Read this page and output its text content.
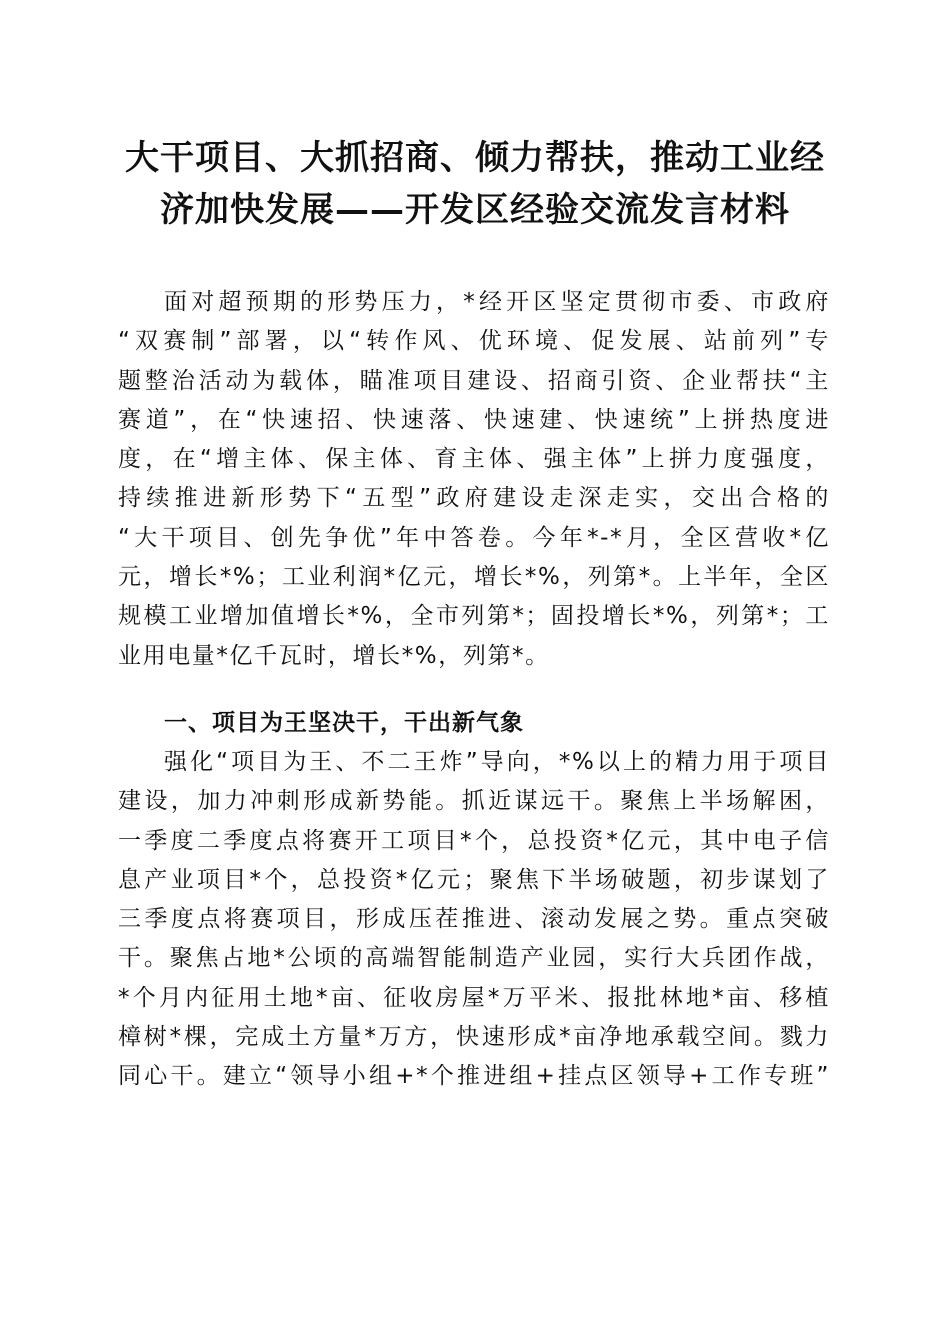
大干项目、大抓招商、倾力帮扶，推动工业经
济加快发展——开发区经验交流发言材料
面对超预期的形势压力，*经开区坚定贯彻市委、市政府
“双赛制”部署，以“转作风、优环境、促发展、站前列”专
题整治活动为载体，瞄准项目建设、招商引资、企业帮扶“主
赛道”，在“快速招、快速落、快速建、快速统”上拼热度进
度，在“增主体、保主体、育主体、强主体”上拼力度强度，
持续推进新形势下“五型”政府建设走深走实，交出合格的
“大干项目、创先争优”年中答卷。今年*-*月，全区营收*亿
元，增长*%；工业利润*亿元，增长*%，列第*。上半年，全区
规模工业增加值增长*%，全市列第*；固投增长*%，列第*；工
业用电量*亿千瓦时，增长*%，列第*。
一、项目为王坚决干，干出新气象
强化“项目为王、不二王炸”导向，*%以上的精力用于项目
建设，加力冲刺形成新势能。抓近谋远干。聚焦上半场解困，
一季度二季度点将赛开工项目*个，总投资*亿元，其中电子信
息产业项目*个，总投资*亿元；聚焦下半场破题，初步谋划了
三季度点将赛项目，形成压茬推进、滚动发展之势。重点突破
干。聚焦占地*公顷的高端智能制造产业园，实行大兵团作战，
*个月内征用土地*亩、征收房屋*万平米、报批林地*亩、移植
樟树*棵，完成土方量*万方，快速形成*亩净地承载空间。戮力
同心干。建立“领导小组+*个推进组+挂点区领导+工作专班”
